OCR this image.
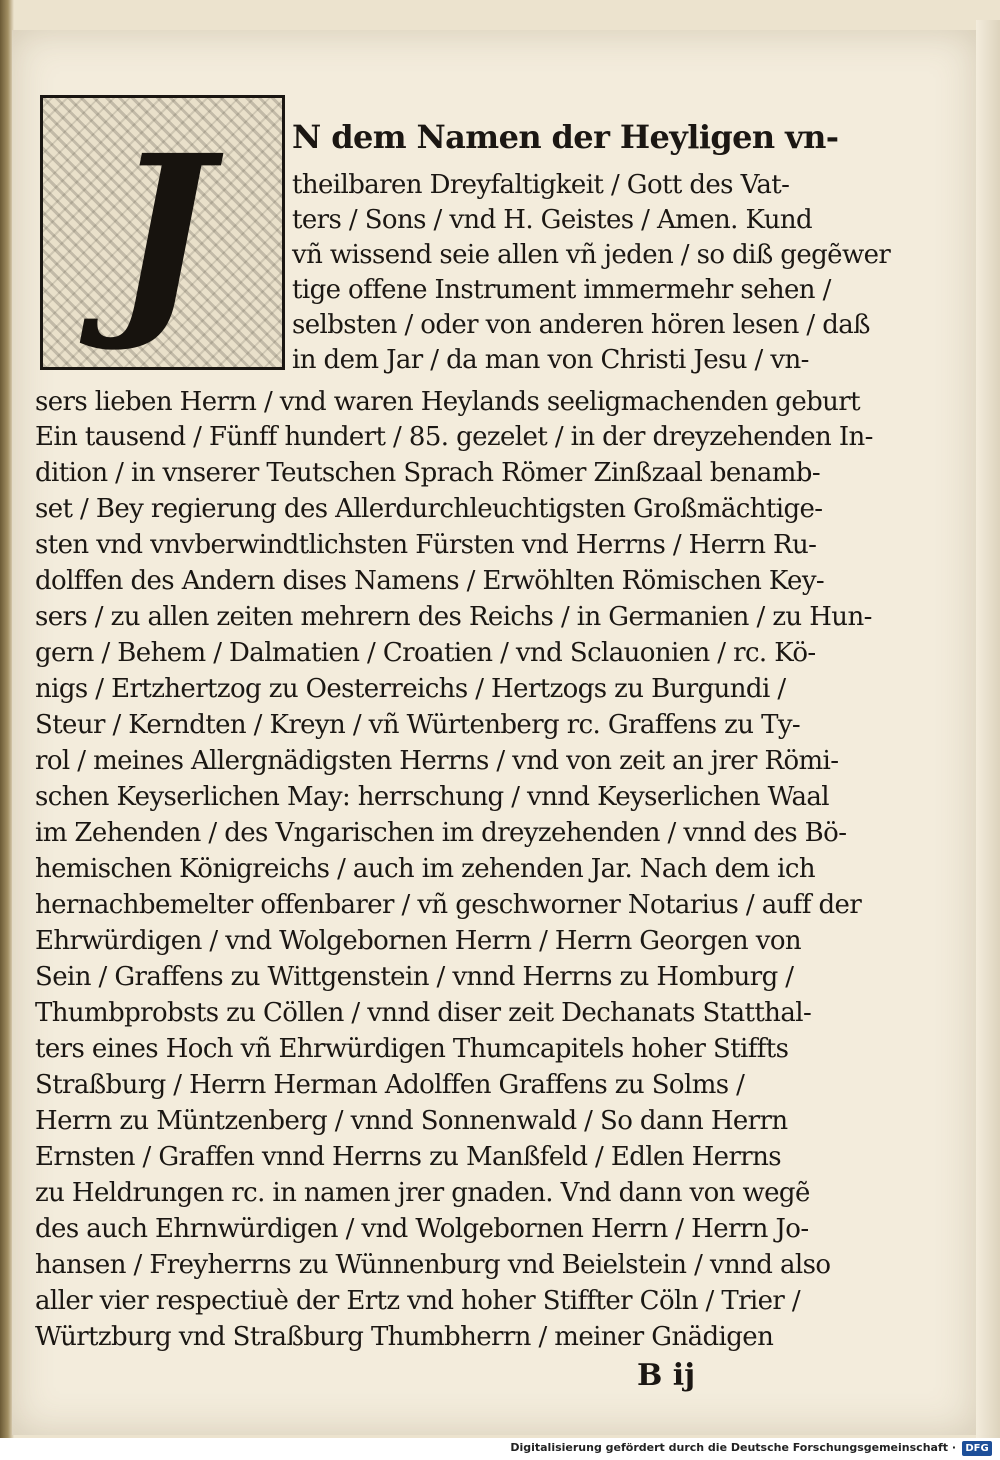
J	N dem Namen der Heyligen vn-
theilbaren Dreyfaltigkeit / Gott des Vat-
ters / Sons / vnd H. Geistes / Amen. Kund
vñ wissend seie allen vñ jeden / so diß gegẽwer
tige offene Instrument immermehr sehen /
selbsten / oder von anderen hören lesen / daß
in dem Jar / da man von Christi Jesu / vn-
sers lieben Herrn / vnd waren Heylands seeligmachenden geburt
Ein tausend / Fünff hundert / 85. gezelet / in der dreyzehenden In-
dition / in vnserer Teutschen Sprach Römer Zinßzaal benamb-
set / Bey regierung des Allerdurchleuchtigsten Großmächtige-
sten vnd vnvberwindtlichsten Fürsten vnd Herrns / Herrn Ru-
dolffen des Andern dises Namens / Erwöhlten Römischen Key-
sers / zu allen zeiten mehrern des Reichs / in Germanien / zu Hun-
gern / Behem / Dalmatien / Croatien / vnd Sclauonien / rc. Kö-
nigs / Ertzhertzog zu Oesterreichs / Hertzogs zu Burgundi /
Steur / Kerndten / Kreyn / vñ Würtenberg rc. Graffens zu Ty-
rol / meines Allergnädigsten Herrns / vnd von zeit an jrer Römi-
schen Keyserlichen May: herrschung / vnnd Keyserlichen Waal
im Zehenden / des Vngarischen im dreyzehenden / vnnd des Bö-
hemischen Königreichs / auch im zehenden Jar. Nach dem ich
hernachbemelter offenbarer / vñ geschworner Notarius / auff der
Ehrwürdigen / vnd Wolgebornen Herrn / Herrn Georgen von
Sein / Graffens zu Wittgenstein / vnnd Herrns zu Homburg /
Thumbprobsts zu Cöllen / vnnd diser zeit Dechanats Statthal-
ters eines Hoch vñ Ehrwürdigen Thumcapitels hoher Stiffts
Straßburg / Herrn Herman Adolffen Graffens zu Solms /
Herrn zu Müntzenberg / vnnd Sonnenwald / So dann Herrn
Ernsten / Graffen vnnd Herrns zu Manßfeld / Edlen Herrns
zu Heldrungen rc. in namen jrer gnaden. Vnd dann von wegẽ
des auch Ehrnwürdigen / vnd Wolgebornen Herrn / Herrn Jo-
hansen / Freyherrns zu Wünnenburg vnd Beielstein / vnnd also
aller vier respectiuè der Ertz vnd hoher Stiffter Cöln / Trier /
Würtzburg vnd Straßburg Thumbherrn / meiner Gnädigen
B ij
Digitalisierung gefördert durch die Deutsche Forschungsgemeinschaft · DFG
